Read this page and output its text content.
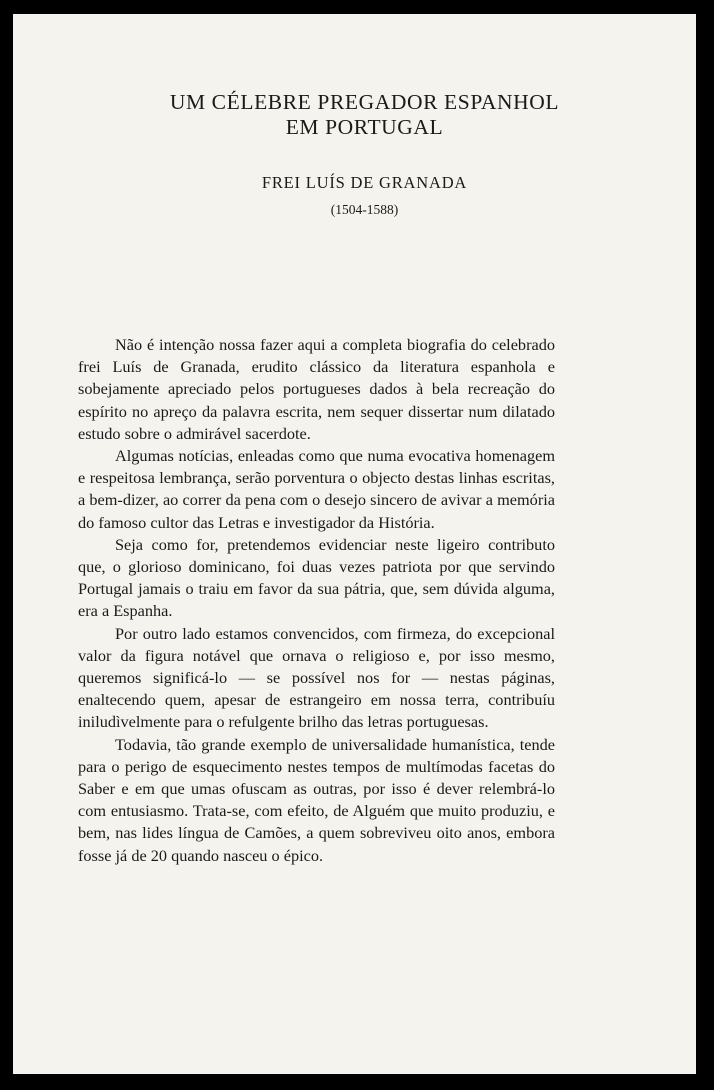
UM CÉLEBRE PREGADOR ESPANHOL
EM PORTUGAL
FREI LUÍS DE GRANADA
(1504-1588)

Não é intenção nossa fazer aqui a completa biografia do celebrado frei Luís de Granada, erudito clássico da literatura espanhola e sobejamente apreciado pelos portugueses dados à bela recreação do espírito no apreço da palavra escrita, nem sequer dissertar num dilatado estudo sobre o admirável sacerdote.

Algumas notícias, enleadas como que numa evocativa homenagem e respeitosa lembrança, serão porventura o objecto destas linhas escritas, a bem-dizer, ao correr da pena com o desejo sincero de avivar a memória do famoso cultor das Letras e investigador da História.

Seja como for, pretendemos evidenciar neste ligeiro contributo que, o glorioso dominicano, foi duas vezes patriota por que servindo Portugal jamais o traiu em favor da sua pátria, que, sem dúvida alguma, era a Espanha.

Por outro lado estamos convencidos, com firmeza, do excepcional valor da figura notável que ornava o religioso e, por isso mesmo, queremos significá-lo — se possível nos for — nestas páginas, enaltecendo quem, apesar de estrangeiro em nossa terra, contribuíu iniludìvelmente para o refulgente brilho das letras portuguesas.

Todavia, tão grande exemplo de universalidade humanística, tende para o perigo de esquecimento nestes tempos de multímodas facetas do Saber e em que umas ofuscam as outras, por isso é dever relembrá-lo com entusiasmo. Trata-se, com efeito, de Alguém que muito produziu, e bem, nas lides língua de Camões, a quem sobreviveu oito anos, embora fosse já de 20 quando nasceu o épico.
